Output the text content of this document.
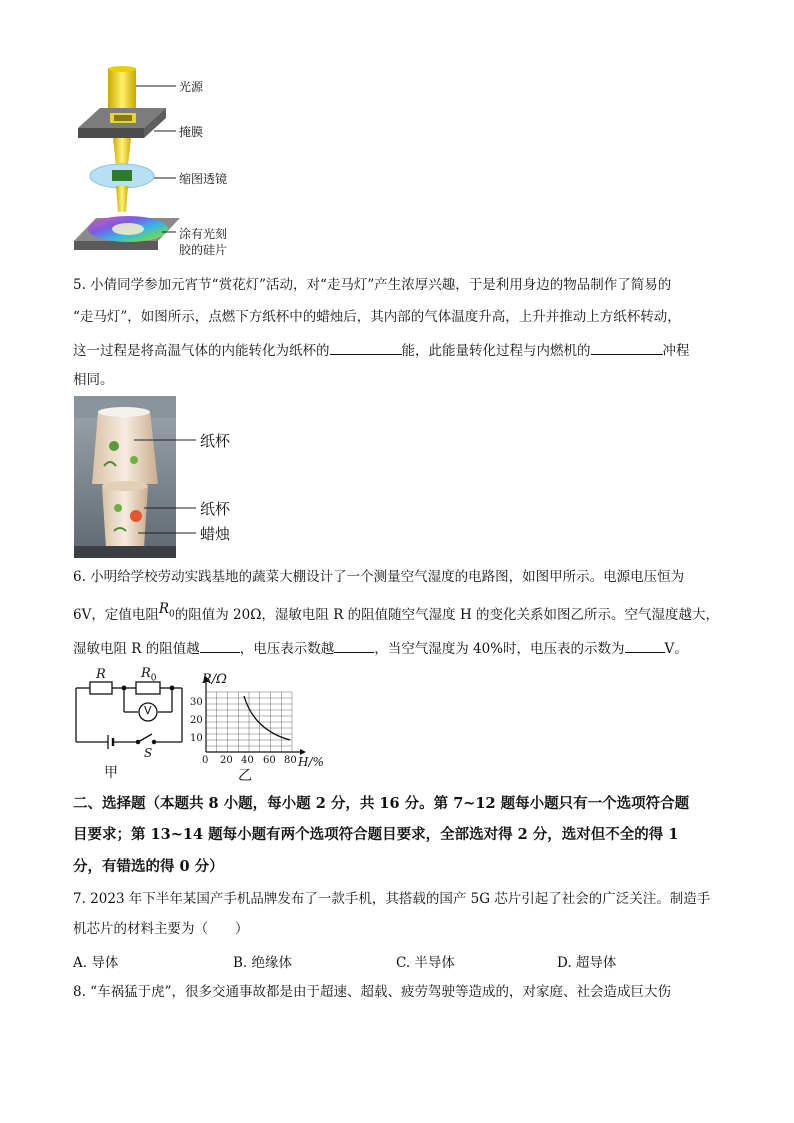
光源
掩膜
缩图透镜
涂有光刻
胶的硅片
5. 小倩同学参加元宵节“赏花灯”活动，对“走马灯”产生浓厚兴趣，于是利用身边的物品制作了简易的
“走马灯”，如图所示，点燃下方纸杯中的蜡烛后，其内部的气体温度升高，上升并推动上方纸杯转动，
这一过程是将高温气体的内能转化为纸杯的	能，此能量转化过程与内燃机的	冲程
相同。
纸杯
纸杯
蜡烛
6. 小明给学校劳动实践基地的蔬菜大棚设计了一个测量空气湿度的电路图，如图甲所示。电源电压恒为
6V，定值电阻$R_0$的阻值为 20Ω，湿敏电阻 R 的阻值随空气湿度 H 的变化关系如图乙所示。空气湿度越大，
湿敏电阻 R 的阻值越	，电压表示数越	，当空气湿度为 40%时，电压表的示数为	V。
R	$R_0$
V
S
甲
R/Ω
30
20
10
0 20 40 60 80 H/%
乙
二、选择题（本题共 8 小题，每小题 2 分，共 16 分。第 7~12 题每小题只有一个选项符合题
目要求；第 13~14 题每小题有两个选项符合题目要求，全部选对得 2 分，选对但不全的得 1
分，有错选的得 0 分）
7. 2023 年下半年某国产手机品牌发布了一款手机，其搭载的国产 5G 芯片引起了社会的广泛关注。制造手
机芯片的材料主要为（　　）
A. 导体	B. 绝缘体	C. 半导体	D. 超导体
8. “车祸猛于虎”，很多交通事故都是由于超速、超载、疲劳驾驶等造成的，对家庭、社会造成巨大伤
